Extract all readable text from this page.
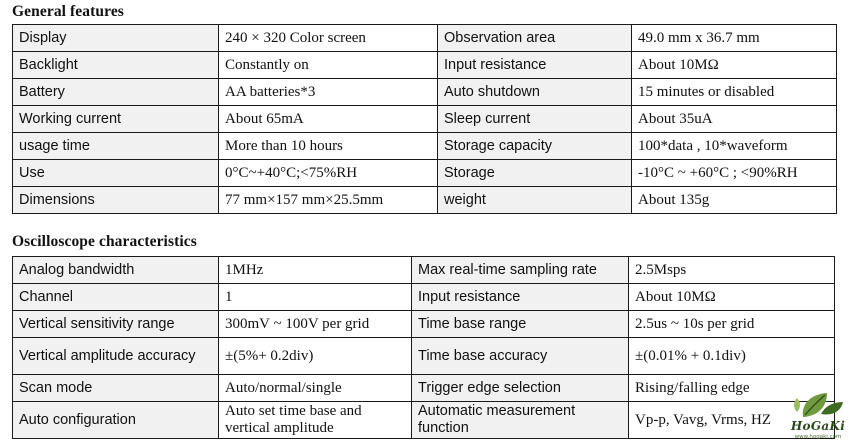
General features
Display	240 × 320 Color screen	Observation area	49.0 mm x 36.7 mm
Backlight	Constantly on	Input resistance	About 10MΩ
Battery	AA batteries*3	Auto shutdown	15 minutes or disabled
Working current	About 65mA	Sleep current	About 35uA
usage time	More than 10 hours	Storage capacity	100*data , 10*waveform
Use	0°C~+40°C;<75%RH	Storage	-10°C ~ +60°C ; <90%RH
Dimensions	77 mm×157 mm×25.5mm	weight	About 135g
Oscilloscope characteristics
Analog bandwidth	1MHz	Max real-time sampling rate	2.5Msps
Channel	1	Input resistance	About 10MΩ
Vertical sensitivity range	300mV ~ 100V per grid	Time base range	2.5us ~ 10s per grid
Vertical amplitude accuracy	±(5%+ 0.2div)	Time base accuracy	±(0.01% + 0.1div)
Scan mode	Auto/normal/single	Trigger edge selection	Rising/falling edge
Auto configuration	Auto set time base and vertical amplitude	Automatic measurement function	Vp-p, Vavg, Vrms, HZ	HoGaKi
www.hogaki.com
